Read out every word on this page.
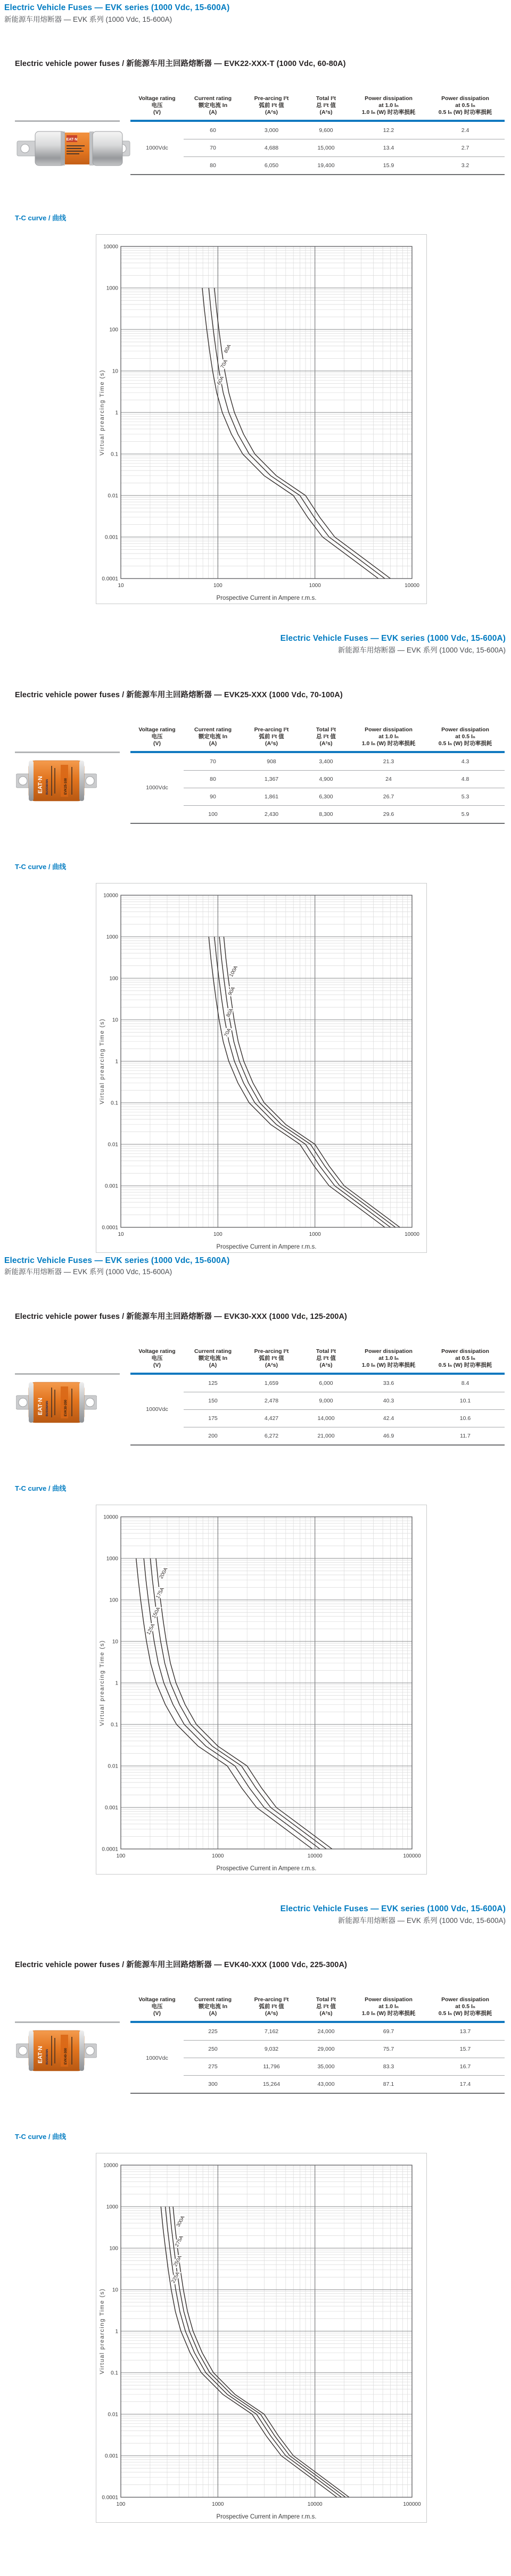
Electric Vehicle Fuses — EVK series (1000 Vdc, 15-600A)
新能源车用熔断器 — EVK 系列 (1000 Vdc, 15-600A)
Electric vehicle power fuses / 新能源车用主回路熔断器 — EVK22-XXX-T (1000 Vdc, 60-80A)
EAT·N
Voltage rating
电压
(V)	Current rating
额定电流 In
(A)	Pre-arcing I²t
弧前 I²t 值
(A²s)	Total I²t
总 I²t 值
(A²s)	Power dissipation
at 1.0 Iₙ
1.0 Iₙ (W) 时功率损耗	Power dissipation
at 0.5 Iₙ
0.5 Iₙ (W) 时功率损耗
1000Vdc	60	3,000	9,600	12.2	2.4
	70	4,688	15,000	13.4	2.7
	80	6,050	19,400	15.9	3.2
T-C curve / 曲线
10	100	1000	10000
10000
1000
100
10
1
0.1
0.01
0.001
0.0001
Prospective Current in Ampere r.m.s.
Virtual prearcing Time (s)	60A
70A
80A
Electric Vehicle Fuses — EVK series (1000 Vdc, 15-600A)
新能源车用熔断器 — EVK 系列 (1000 Vdc, 15-600A)
Electric vehicle power fuses / 新能源车用主回路熔断器 — EVK25-XXX (1000 Vdc, 70-100A)
EAT·N BUSSMANN	EVK25-100
Voltage rating
电压
(V)	Current rating
额定电流 In
(A)	Pre-arcing I²t
弧前 I²t 值
(A²s)	Total I²t
总 I²t 值
(A²s)	Power dissipation
at 1.0 Iₙ
1.0 Iₙ (W) 时功率损耗	Power dissipation
at 0.5 Iₙ
0.5 Iₙ (W) 时功率损耗
1000Vdc	70	908	3,400	21.3	4.3
	80	1,367	4,900	24	4.8
	90	1,861	6,300	26.7	5.3
	100	2,430	8,300	29.6	5.9
T-C curve / 曲线
10	100	1000	10000
10000
1000
100
10
1
0.1
0.01
0.001
0.0001
Prospective Current in Ampere r.m.s.
Virtual prearcing Time (s)	70A
80A
90A
100A
Electric Vehicle Fuses — EVK series (1000 Vdc, 15-600A)
新能源车用熔断器 — EVK 系列 (1000 Vdc, 15-600A)
Electric vehicle power fuses / 新能源车用主回路熔断器 — EVK30-XXX (1000 Vdc, 125-200A)
EAT·N BUSSMANN	EVK30-200
Voltage rating
电压
(V)	Current rating
额定电流 In
(A)	Pre-arcing I²t
弧前 I²t 值
(A²s)	Total I²t
总 I²t 值
(A²s)	Power dissipation
at 1.0 Iₙ
1.0 Iₙ (W) 时功率损耗	Power dissipation
at 0.5 Iₙ
0.5 Iₙ (W) 时功率损耗
1000Vdc	125	1,659	6,000	33.6	8.4
	150	2,478	9,000	40.3	10.1
	175	4,427	14,000	42.4	10.6
	200	6,272	21,000	46.9	11.7
T-C curve / 曲线
100	1000	10000	100000
10000
1000
100
10
1
0.1
0.01
0.001
0.0001
Prospective Current in Ampere r.m.s.
Virtual prearcing Time (s)
125A
150A
175A
200A
Electric Vehicle Fuses — EVK series (1000 Vdc, 15-600A)
新能源车用熔断器 — EVK 系列 (1000 Vdc, 15-600A)
Electric vehicle power fuses / 新能源车用主回路熔断器 — EVK40-XXX (1000 Vdc, 225-300A)
EAT·N BUSSMANN	EVK40-300
Voltage rating
电压
(V)	Current rating
额定电流 In
(A)	Pre-arcing I²t
弧前 I²t 值
(A²s)	Total I²t
总 I²t 值
(A²s)	Power dissipation
at 1.0 Iₙ
1.0 Iₙ (W) 时功率损耗	Power dissipation
at 0.5 Iₙ
0.5 Iₙ (W) 时功率损耗
1000Vdc	225	7,162	24,000	69.7	13.7
	250	9,032	29,000	75.7	15.7
	275	11,796	35,000	83.3	16.7
	300	15,264	43,000	87.1	17.4
T-C curve / 曲线
100	1000	10000	100000
10000
1000
100
10
1
0.1
0.01
0.001
0.0001
Prospective Current in Ampere r.m.s.
Virtual prearcing Time (s)
225A
250A
275A
300A
